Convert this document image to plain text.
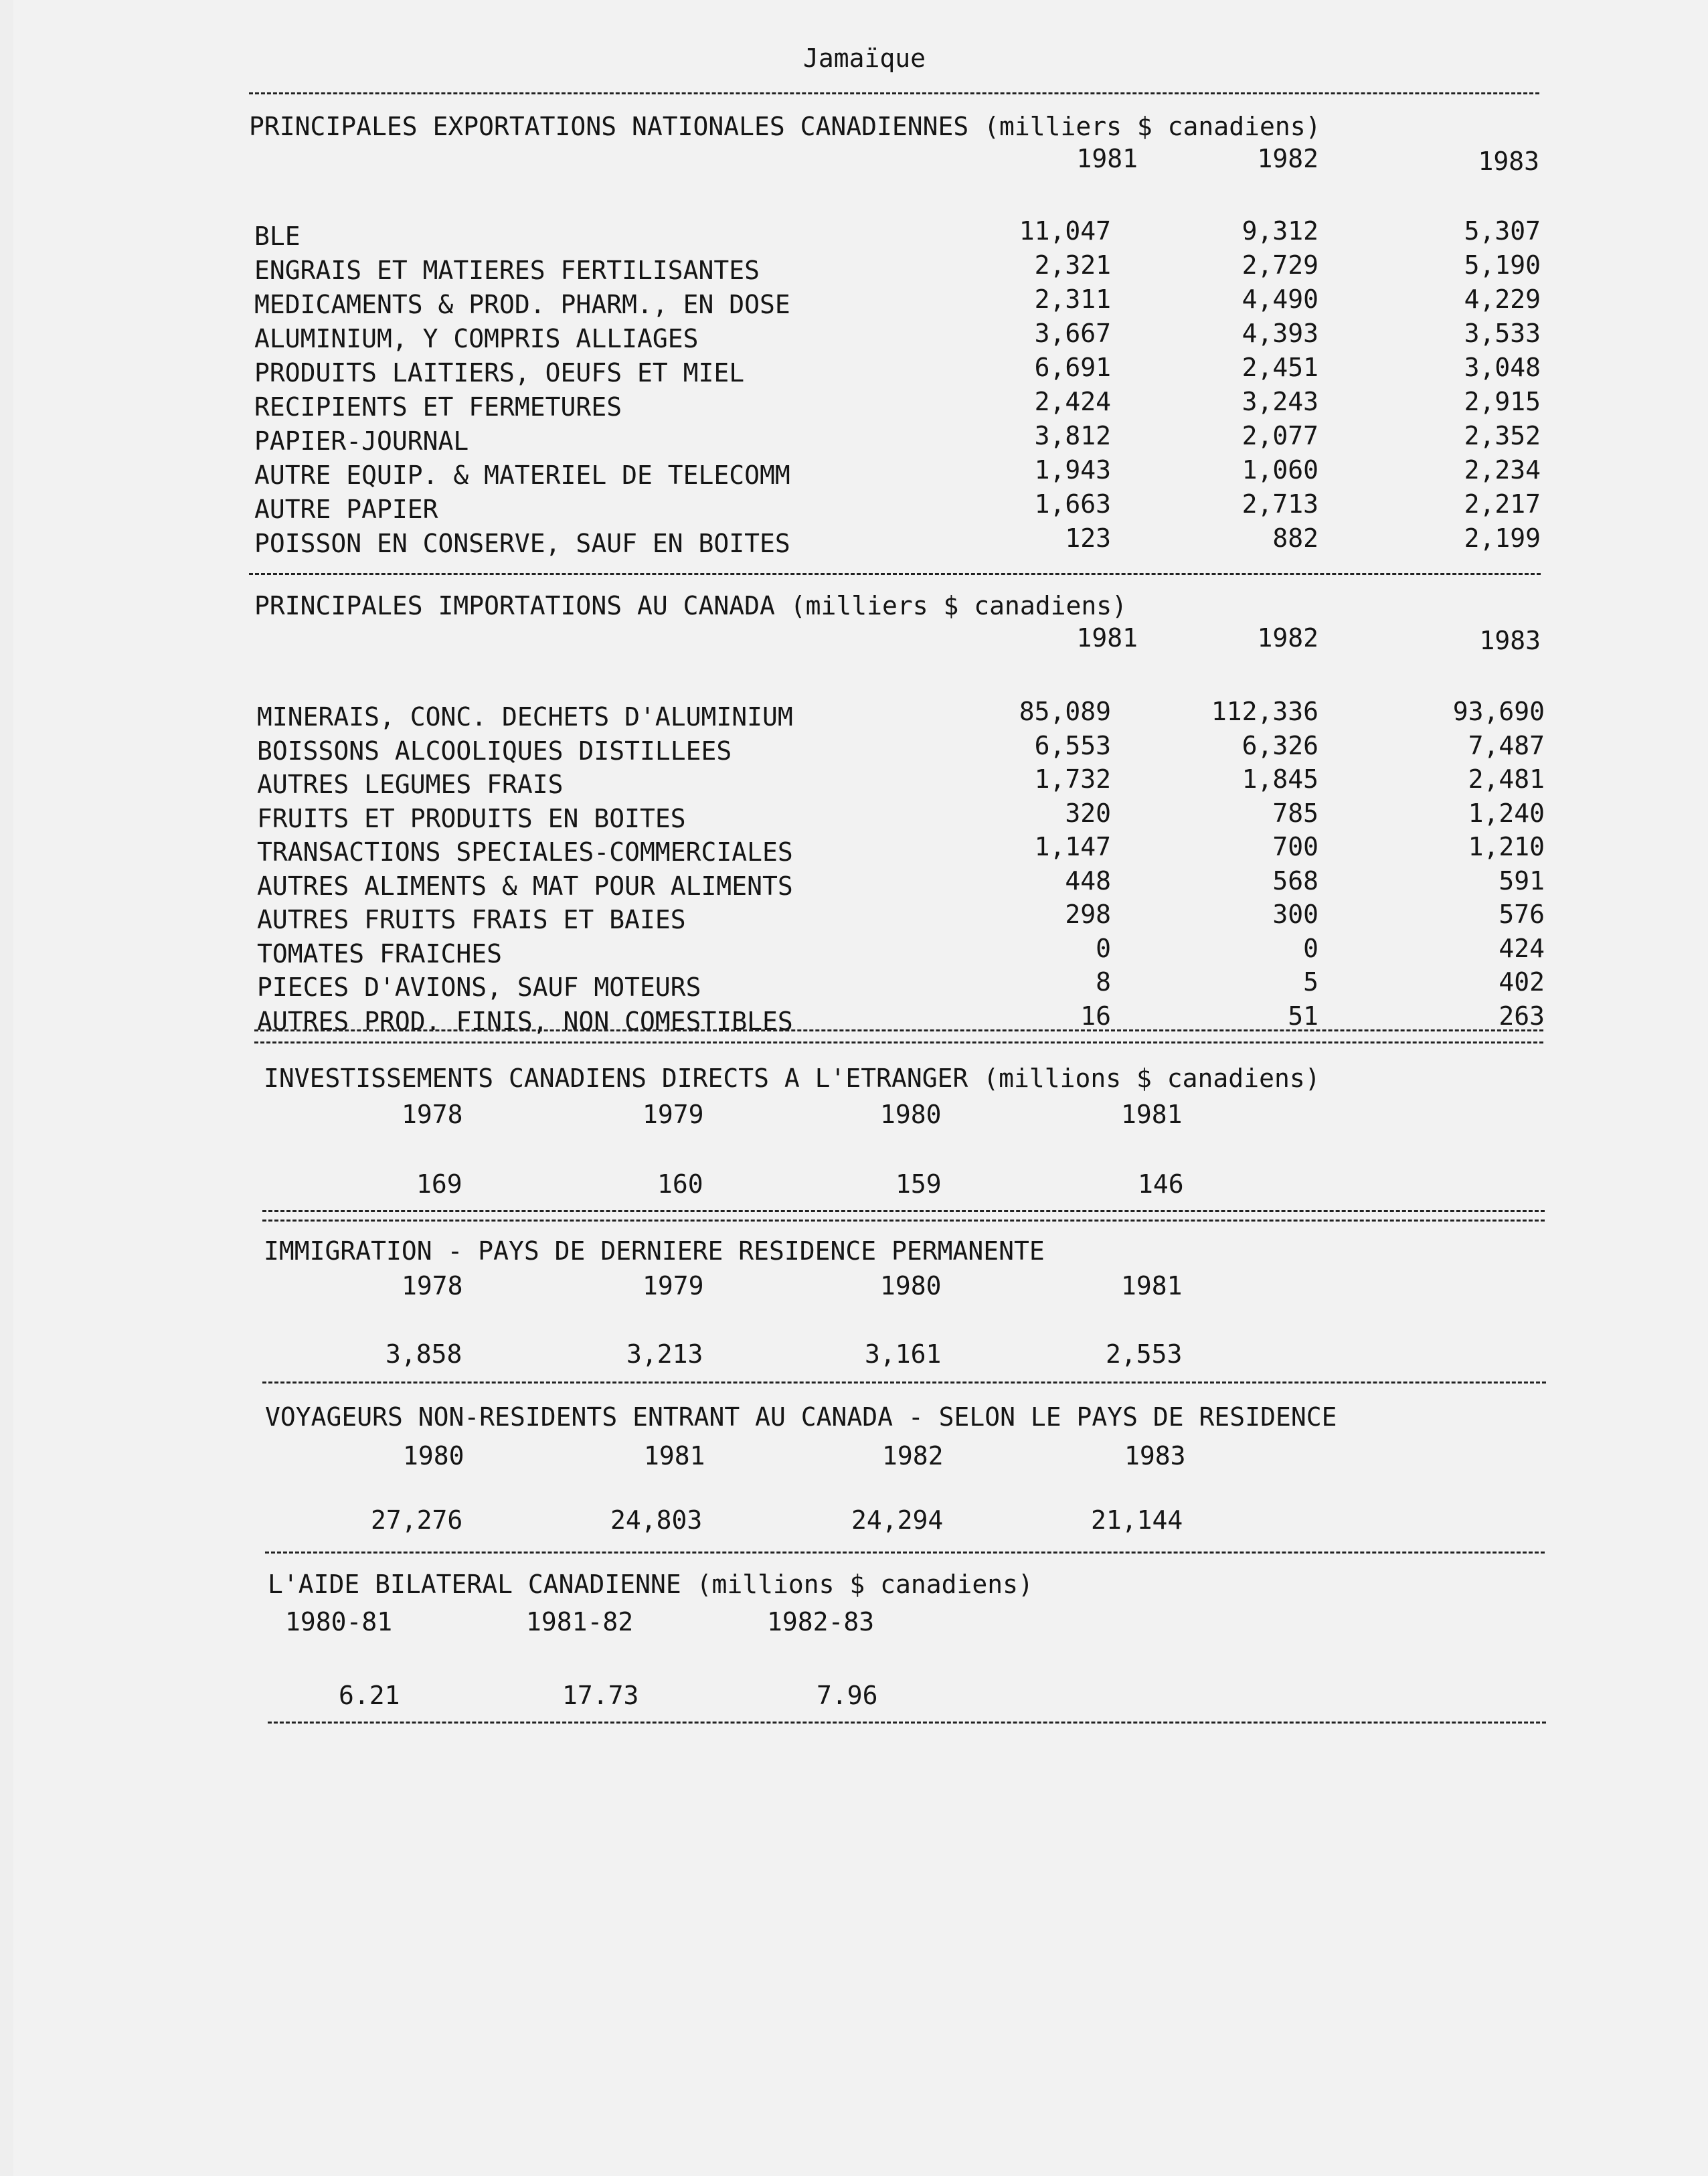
Jamaïque
PRINCIPALES EXPORTATIONS NATIONALES CANADIENNES (milliers $ canadiens)
1981	1982	1983
BLE	11,047	9,312	5,307
ENGRAIS ET MATIERES FERTILISANTES	2,321	2,729	5,190
MEDICAMENTS & PROD. PHARM., EN DOSE	2,311	4,490	4,229
ALUMINIUM, Y COMPRIS ALLIAGES	3,667	4,393	3,533
PRODUITS LAITIERS, OEUFS ET MIEL	6,691	2,451	3,048
RECIPIENTS ET FERMETURES	2,424	3,243	2,915
PAPIER-JOURNAL	3,812	2,077	2,352
AUTRE EQUIP. & MATERIEL DE TELECOMM	1,943	1,060	2,234
AUTRE PAPIER	1,663	2,713	2,217
POISSON EN CONSERVE, SAUF EN BOITES	123	882	2,199
PRINCIPALES IMPORTATIONS AU CANADA (milliers $ canadiens)
1981	1982	1983
MINERAIS, CONC. DECHETS D'ALUMINIUM	85,089	112,336	93,690
BOISSONS ALCOOLIQUES DISTILLEES	6,553	6,326	7,487
AUTRES LEGUMES FRAIS	1,732	1,845	2,481
FRUITS ET PRODUITS EN BOITES	320	785	1,240
TRANSACTIONS SPECIALES-COMMERCIALES	1,147	700	1,210
AUTRES ALIMENTS & MAT POUR ALIMENTS	448	568	591
AUTRES FRUITS FRAIS ET BAIES	298	300	576
TOMATES FRAICHES	0	0	424
PIECES D'AVIONS, SAUF MOTEURS	8	5	402
AUTRES PROD. FINIS, NON COMESTIBLES	16	51	263
INVESTISSEMENTS CANADIENS DIRECTS A L'ETRANGER (millions $ canadiens)
1978	1979	1980	1981
169	160	159	146
IMMIGRATION - PAYS DE DERNIERE RESIDENCE PERMANENTE
1978	1979	1980	1981
3,858	3,213	3,161	2,553
VOYAGEURS NON-RESIDENTS ENTRANT AU CANADA - SELON LE PAYS DE RESIDENCE
1980	1981	1982	1983
27,276	24,803	24,294	21,144
L'AIDE BILATERAL CANADIENNE (millions $ canadiens)
1980-81	1981-82	1982-83
6.21	17.73	7.96
